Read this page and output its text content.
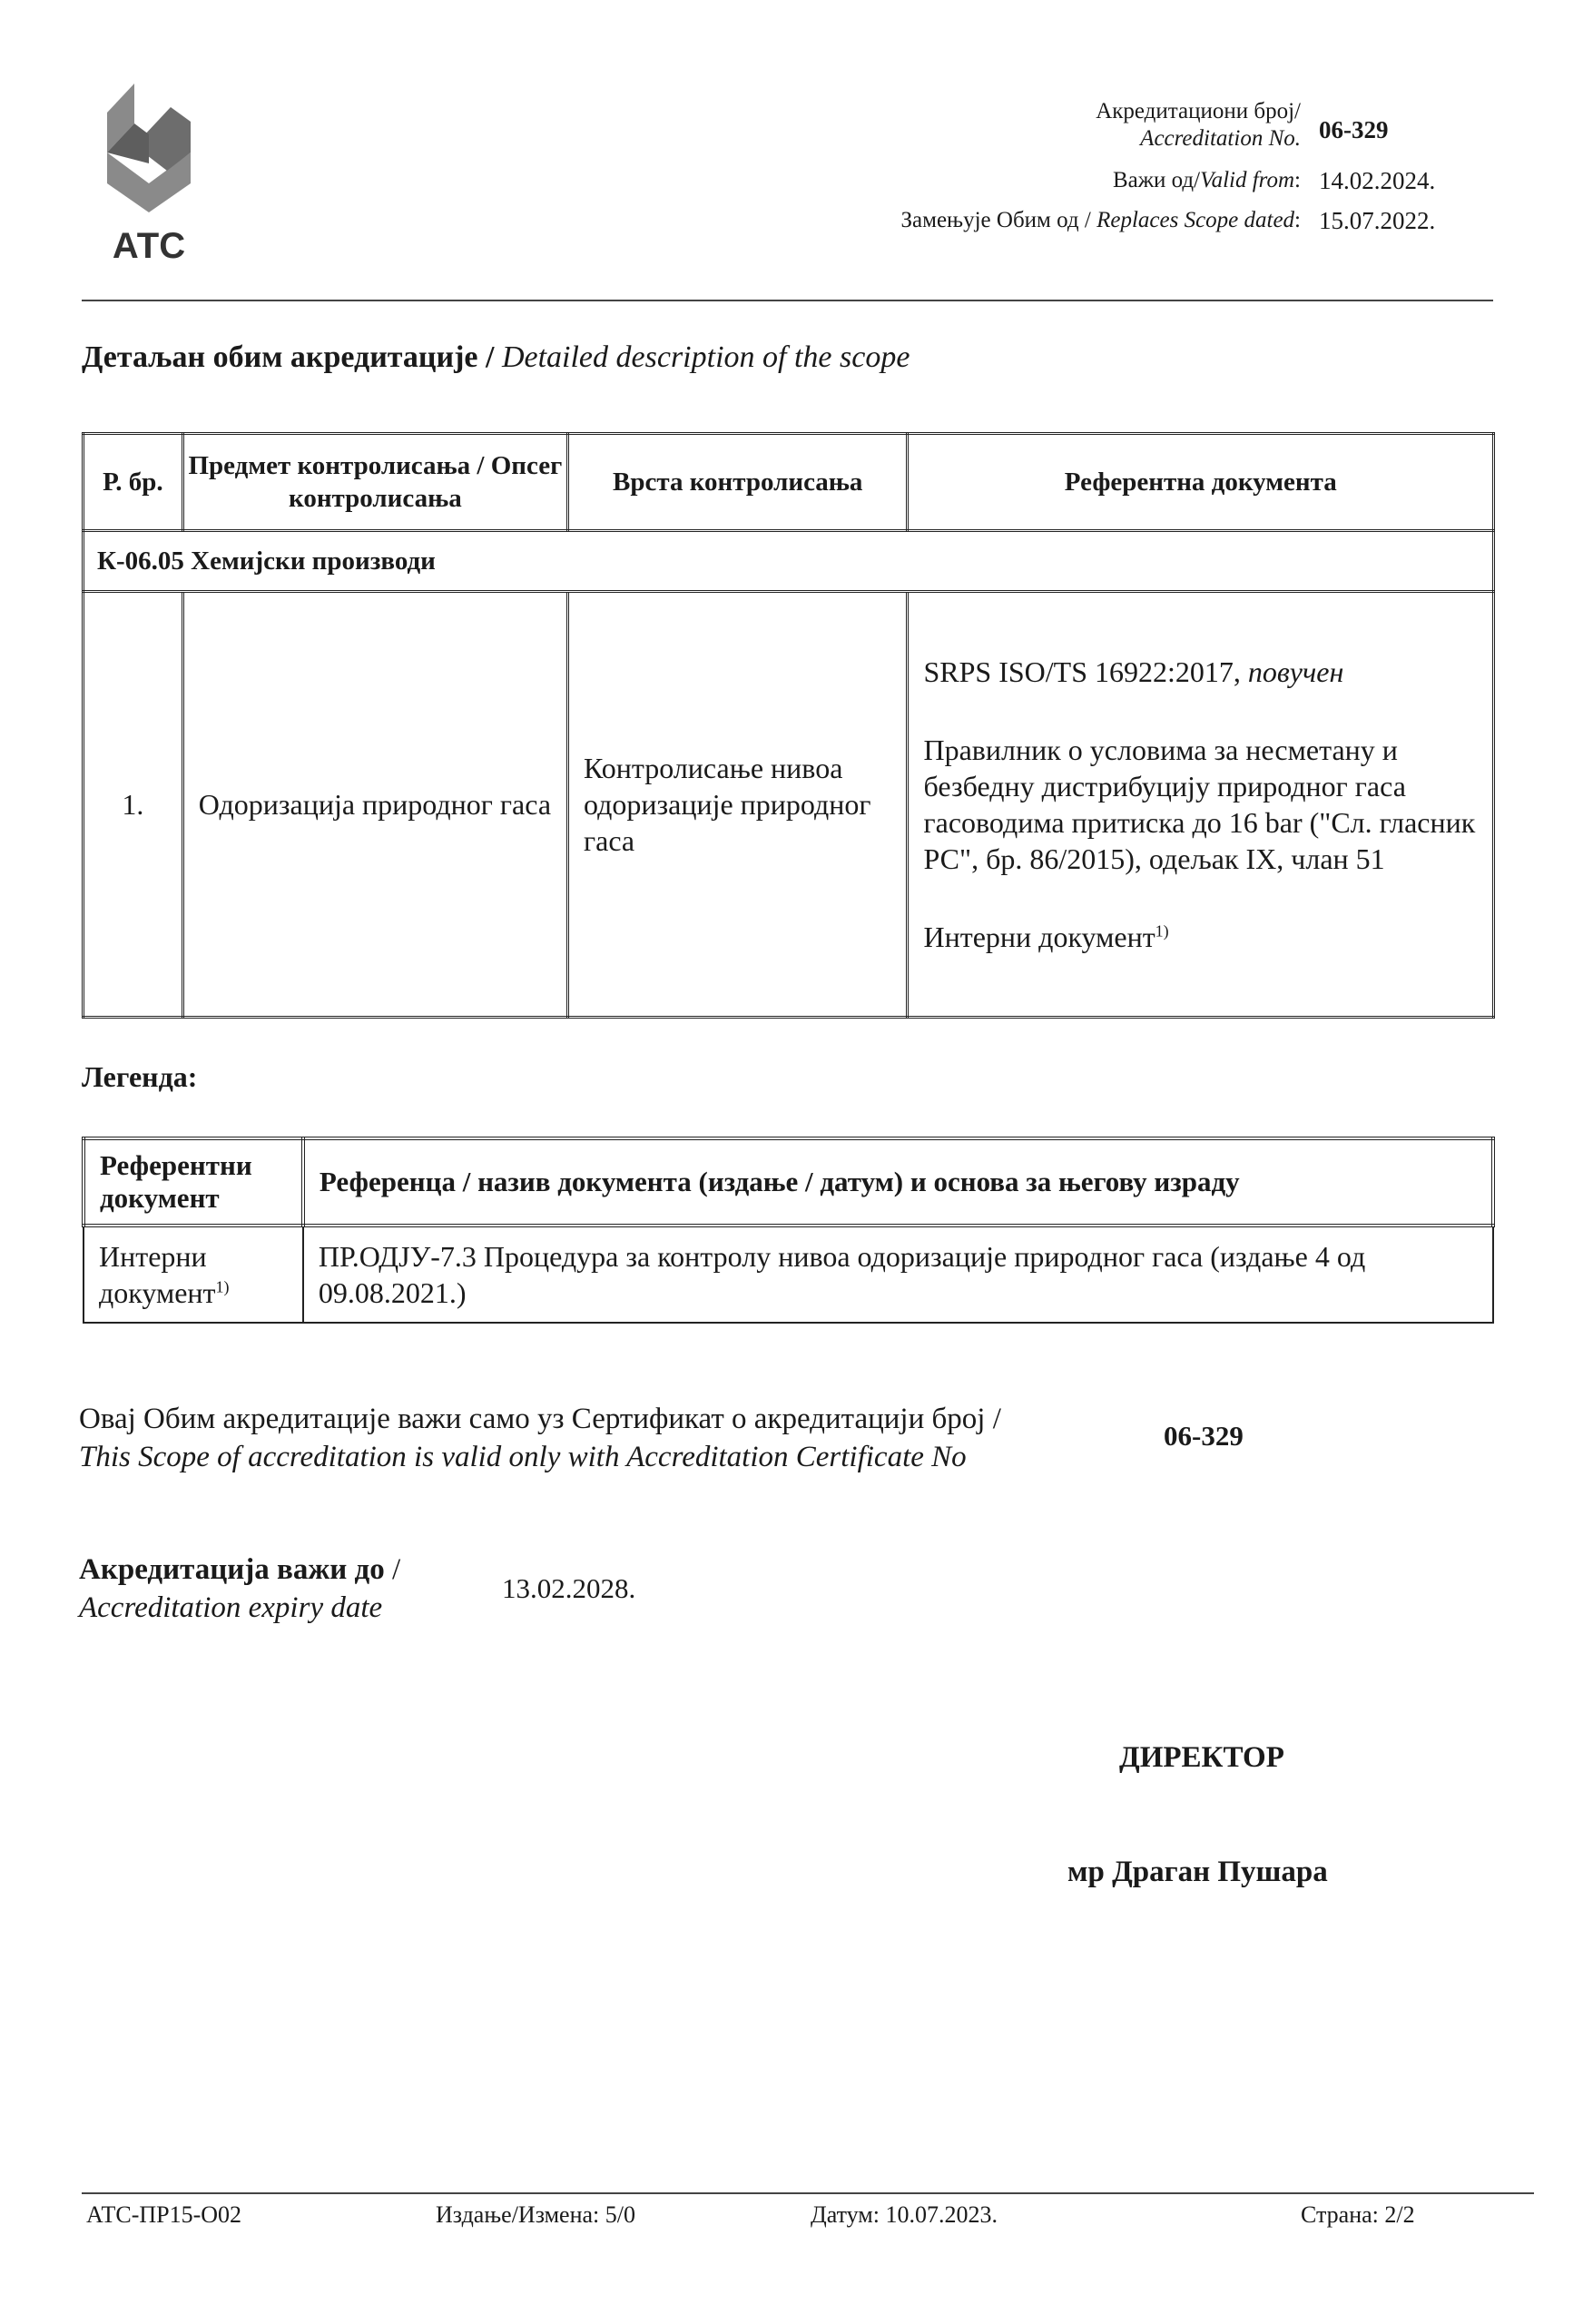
АТС
Акредитациони број/
Accreditation No. 06-329
Важи од/Valid from: 14.02.2024.
Замењује Обим од / Replaces Scope dated: 15.07.2022.
Детаљан обим акредитације / Detailed description of the scope
Р. бр.	Предмет контролисања / Опсег контролисања	Врста контролисања	Референтна документа
К-06.05 Хемијски производи			
1.	Одоризација природног гаса	Контролисање нивоа одоризације природног гаса	SRPS ISO/TS 16922:2017, повучен

Правилник о условима за несметану и безбедну дистрибуцију природног гаса гасоводима притиска до 16 bar ("Сл. гласник РС", бр. 86/2015), одељак IX, члан 51

Интерни документ$^{1)}$

Легенда:
Референтни документ	Референца / назив документа (издање / датум) и основа за његову израду
Интерни документ$^{1)}$	ПР.ОДЈУ-7.3 Процедура за контролу нивоа одоризације природног гаса (издање 4 од 09.08.2021.)
Овај Обим акредитације важи само уз Сертификат о акредитацији број /
This Scope of accreditation is valid only with Accreditation Certificate No
06-329
Акредитација важи до /
Accreditation expiry date
13.02.2028.
ДИРЕКТОР
мр Драган Пушара
АТС-ПР15-О02	Издање/Измена: 5/0	Датум: 10.07.2023.	Страна: 2/2
